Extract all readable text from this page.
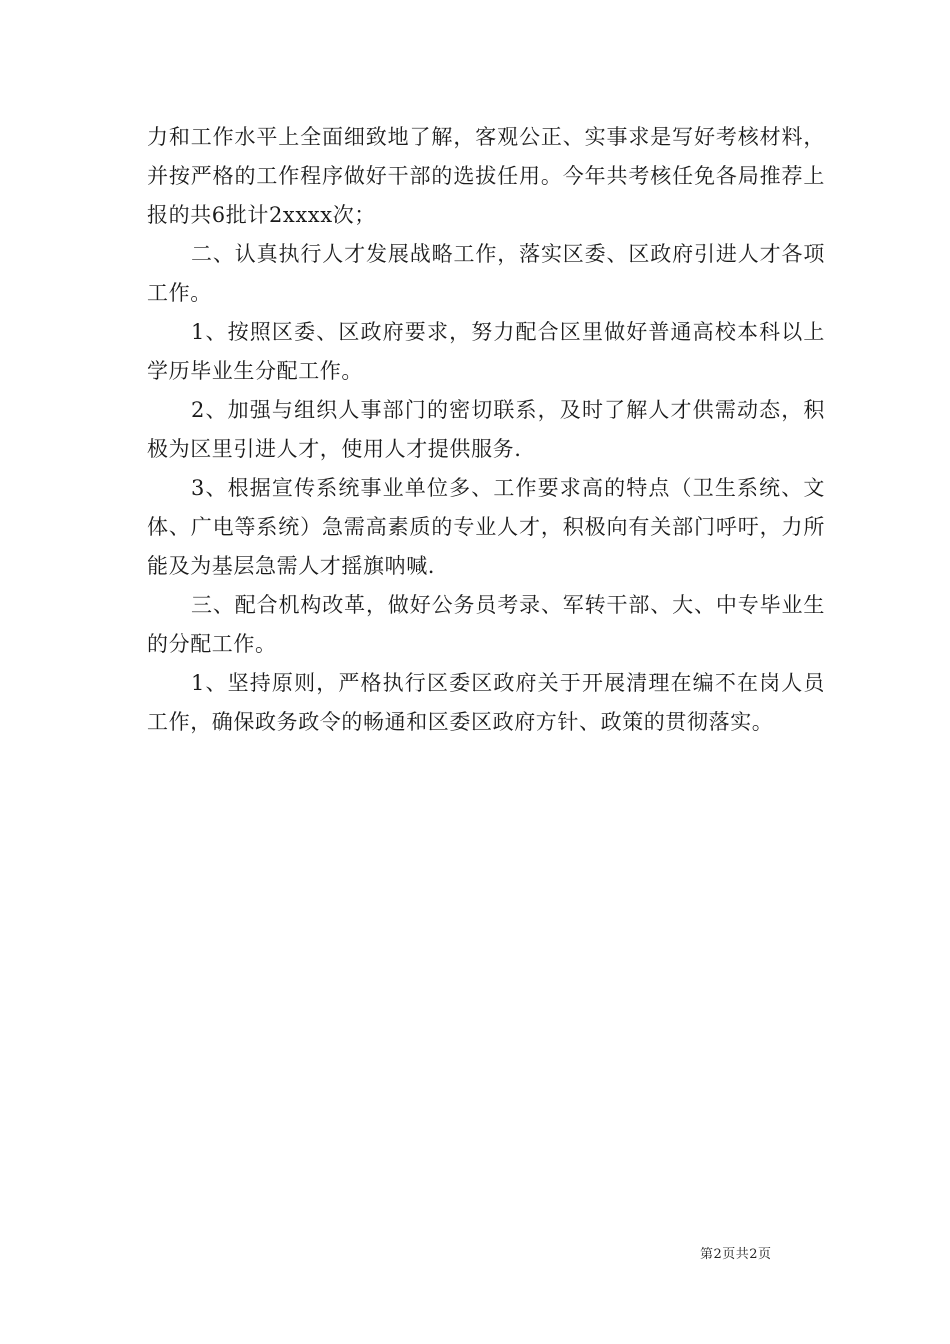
力和工作水平上全面细致地了解，客观公正、实事求是写好考核材料，并按严格的工作程序做好干部的选拔任用。今年共考核任免各局推荐上报的共6批计2xxxx次；

二、认真执行人才发展战略工作，落实区委、区政府引进人才各项工作。

1、按照区委、区政府要求，努力配合区里做好普通高校本科以上学历毕业生分配工作。

2、加强与组织人事部门的密切联系，及时了解人才供需动态，积极为区里引进人才，使用人才提供服务.

3、根据宣传系统事业单位多、工作要求高的特点（卫生系统、文体、广电等系统）急需高素质的专业人才，积极向有关部门呼吁，力所能及为基层急需人才摇旗呐喊.

三、配合机构改革，做好公务员考录、军转干部、大、中专毕业生的分配工作。

1、坚持原则，严格执行区委区政府关于开展清理在编不在岗人员工作，确保政务政令的畅通和区委区政府方针、政策的贯彻落实。

第2页共2页
